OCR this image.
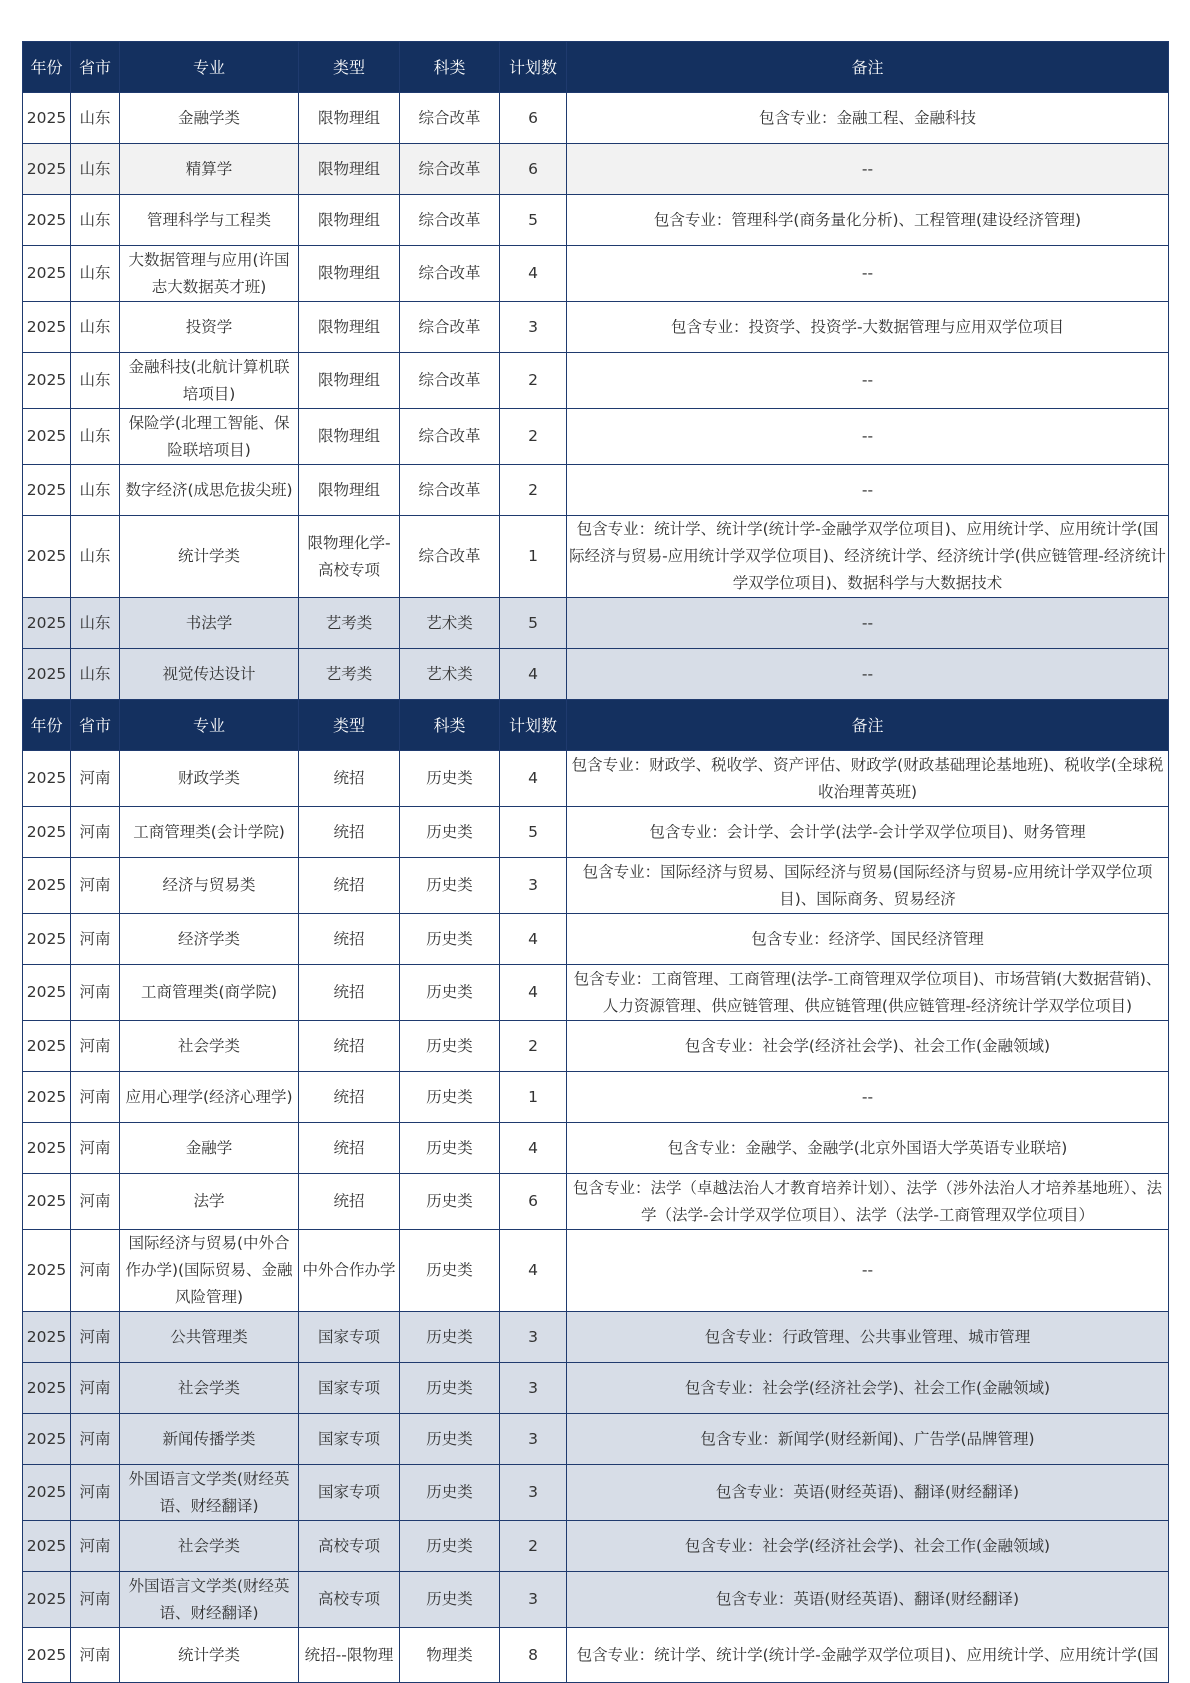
年份	省市	专业	类型	科类	计划数	备注
2025	山东	金融学类	限物理组	综合改革	6	包含专业：金融工程、金融科技
2025	山东	精算学	限物理组	综合改革	6	--
2025	山东	管理科学与工程类	限物理组	综合改革	5	包含专业：管理科学(商务量化分析)、工程管理(建设经济管理)
2025	山东	大数据管理与应用(许国志大数据英才班)	限物理组	综合改革	4	--
2025	山东	投资学	限物理组	综合改革	3	包含专业：投资学、投资学-大数据管理与应用双学位项目
2025	山东	金融科技(北航计算机联培项目)	限物理组	综合改革	2	--
2025	山东	保险学(北理工智能、保险联培项目)	限物理组	综合改革	2	--
2025	山东	数字经济(成思危拔尖班)	限物理组	综合改革	2	--
2025	山东	统计学类	限物理化学-高校专项	综合改革	1	包含专业：统计学、统计学(统计学-金融学双学位项目)、应用统计学、应用统计学(国际经济与贸易-应用统计学双学位项目)、经济统计学、经济统计学(供应链管理-经济统计学双学位项目)、数据科学与大数据技术
2025	山东	书法学	艺考类	艺术类	5	--
2025	山东	视觉传达设计	艺考类	艺术类	4	--
年份	省市	专业	类型	科类	计划数	备注
2025	河南	财政学类	统招	历史类	4	包含专业：财政学、税收学、资产评估、财政学(财政基础理论基地班)、税收学(全球税收治理菁英班)
2025	河南	工商管理类(会计学院)	统招	历史类	5	包含专业：会计学、会计学(法学-会计学双学位项目)、财务管理
2025	河南	经济与贸易类	统招	历史类	3	包含专业：国际经济与贸易、国际经济与贸易(国际经济与贸易-应用统计学双学位项目)、国际商务、贸易经济
2025	河南	经济学类	统招	历史类	4	包含专业：经济学、国民经济管理
2025	河南	工商管理类(商学院)	统招	历史类	4	包含专业：工商管理、工商管理(法学-工商管理双学位项目)、市场营销(大数据营销)、人力资源管理、供应链管理、供应链管理(供应链管理-经济统计学双学位项目)
2025	河南	社会学类	统招	历史类	2	包含专业：社会学(经济社会学)、社会工作(金融领域)
2025	河南	应用心理学(经济心理学)	统招	历史类	1	--
2025	河南	金融学	统招	历史类	4	包含专业：金融学、金融学(北京外国语大学英语专业联培)
2025	河南	法学	统招	历史类	6	包含专业：法学（卓越法治人才教育培养计划）、法学（涉外法治人才培养基地班）、法学（法学-会计学双学位项目）、法学（法学-工商管理双学位项目）
2025	河南	国际经济与贸易(中外合作办学)(国际贸易、金融风险管理)	中外合作办学	历史类	4	--
2025	河南	公共管理类	国家专项	历史类	3	包含专业：行政管理、公共事业管理、城市管理
2025	河南	社会学类	国家专项	历史类	3	包含专业：社会学(经济社会学)、社会工作(金融领域)
2025	河南	新闻传播学类	国家专项	历史类	3	包含专业：新闻学(财经新闻)、广告学(品牌管理)
2025	河南	外国语言文学类(财经英语、财经翻译)	国家专项	历史类	3	包含专业：英语(财经英语)、翻译(财经翻译)
2025	河南	社会学类	高校专项	历史类	2	包含专业：社会学(经济社会学)、社会工作(金融领域)
2025	河南	外国语言文学类(财经英语、财经翻译)	高校专项	历史类	3	包含专业：英语(财经英语)、翻译(财经翻译)
2025	河南	统计学类	统招--限物理	物理类	8	包含专业：统计学、统计学(统计学-金融学双学位项目)、应用统计学、应用统计学(国
